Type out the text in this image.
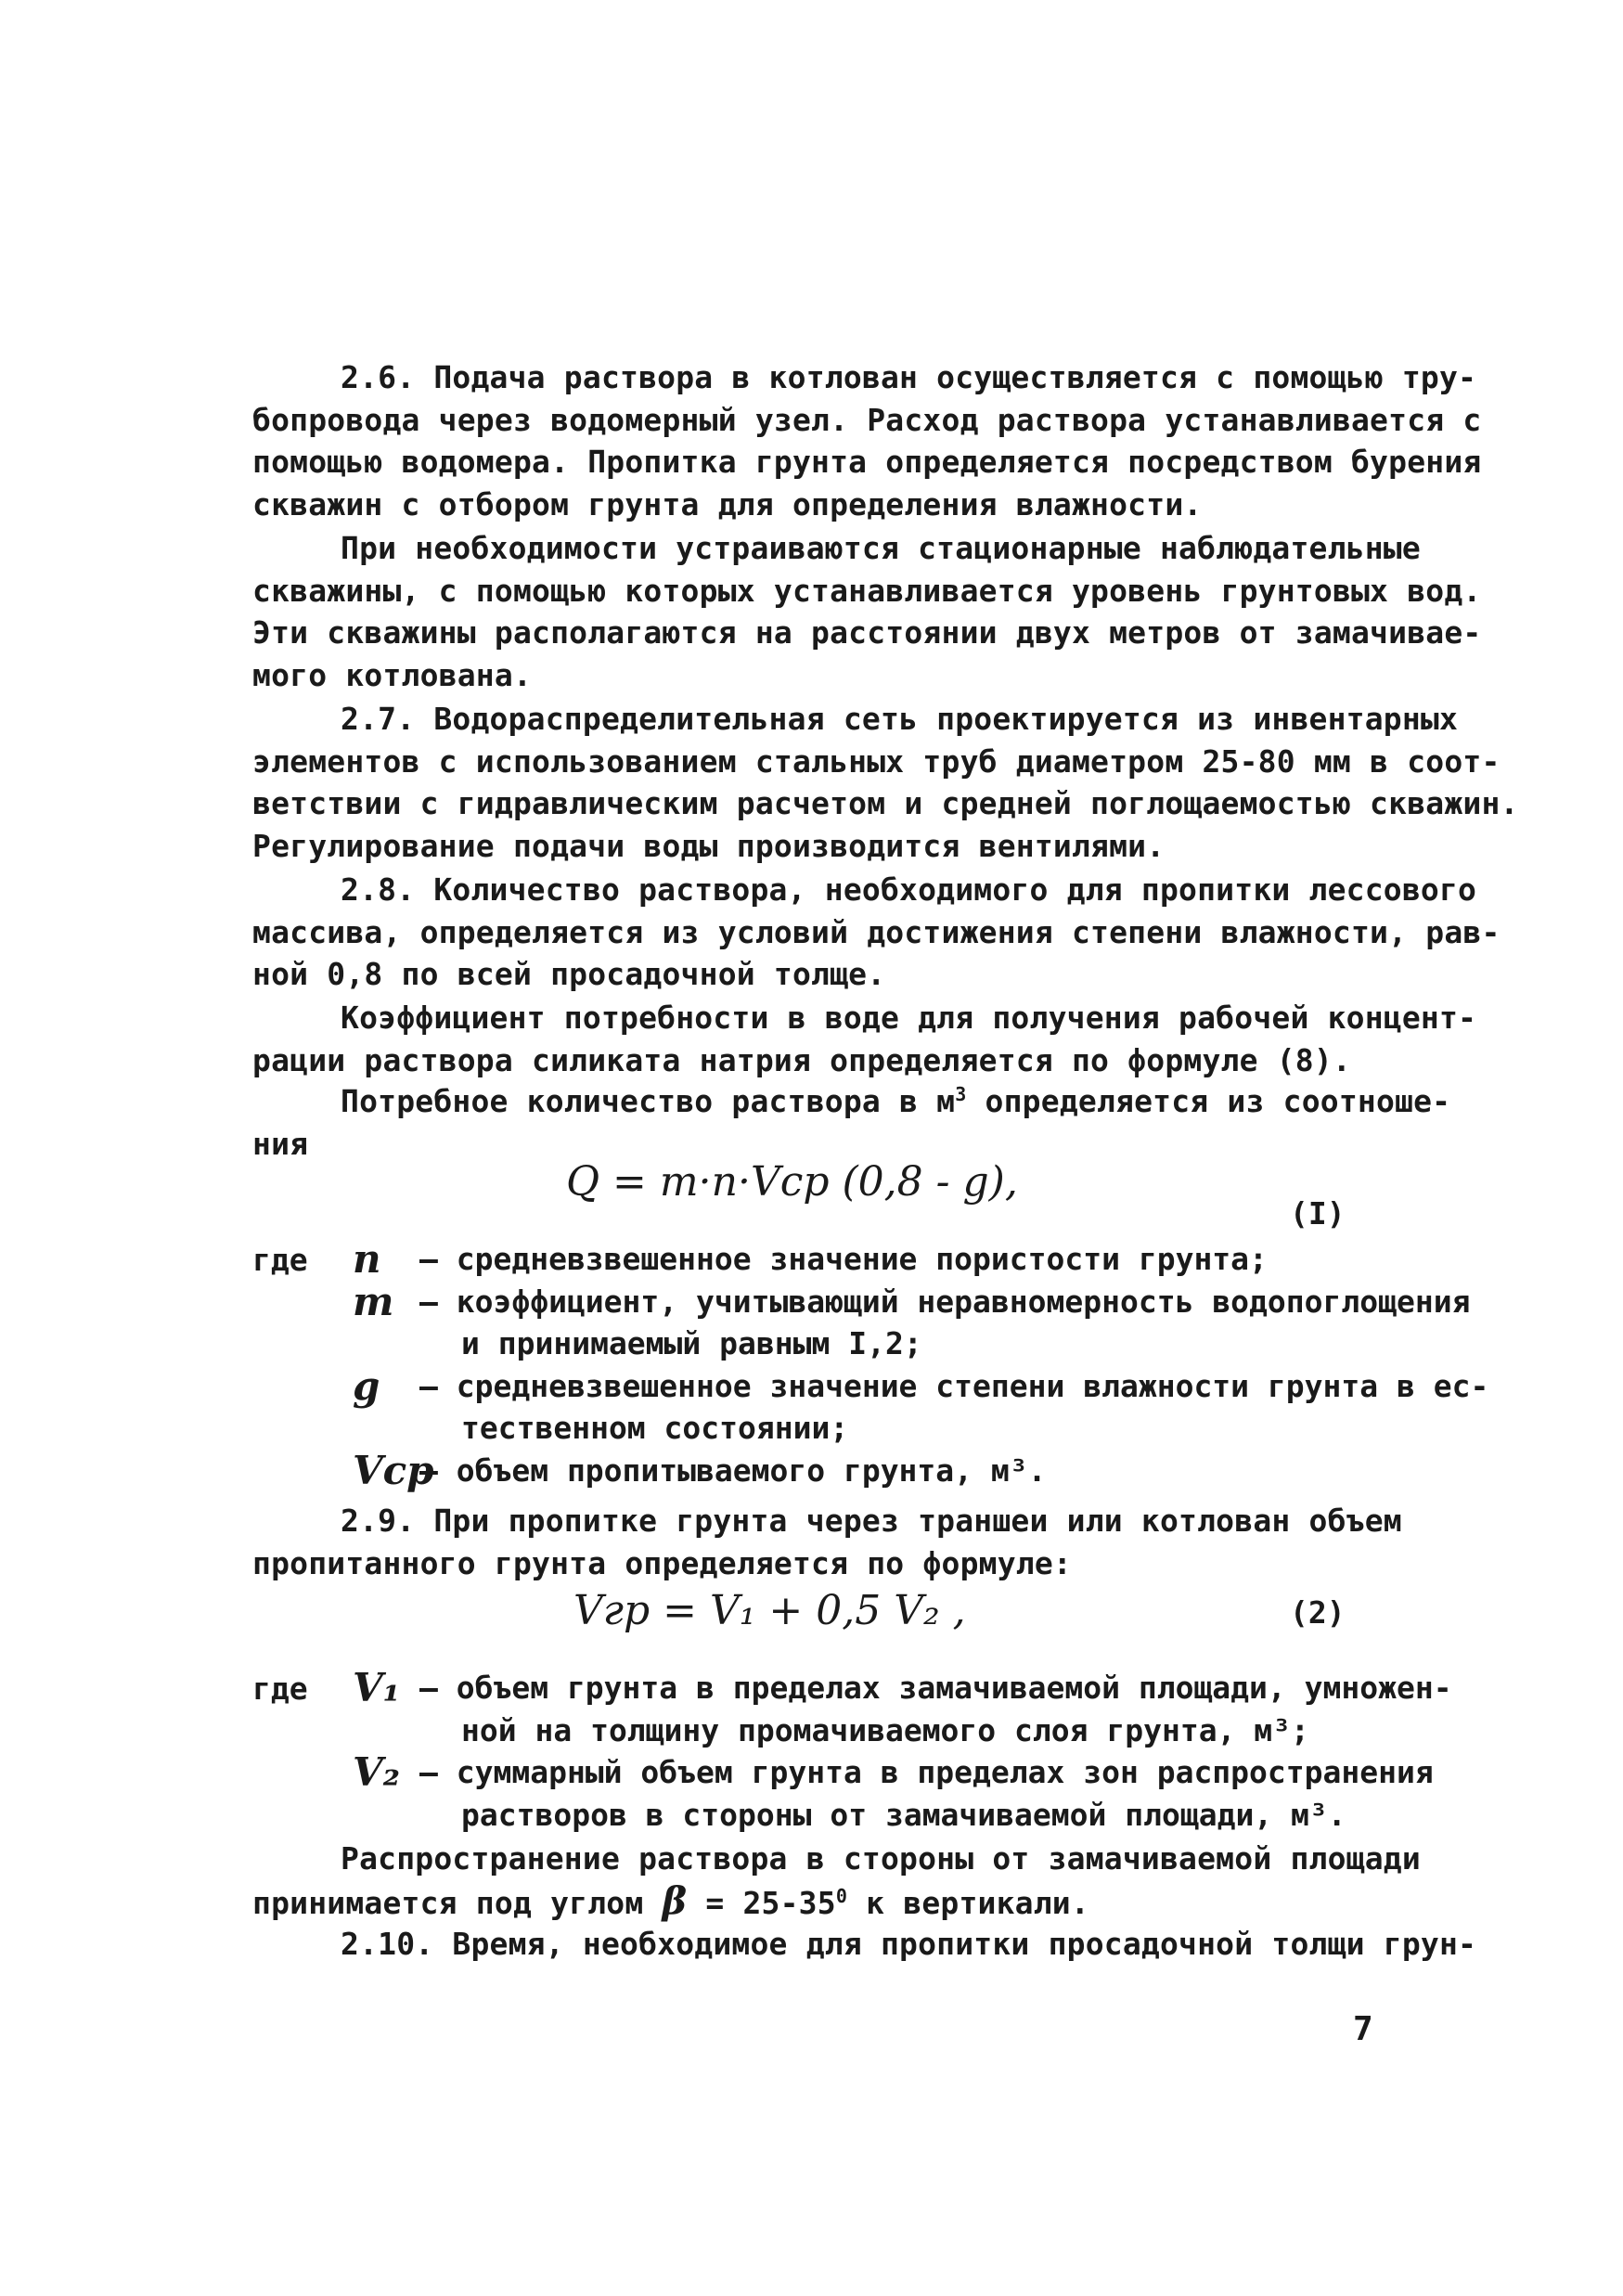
2.6. Подача раствора в котлован осуществляется с помощью тру-
бопровода через водомерный узел. Расход раствора устанавливается с
помощью водомера. Пропитка грунта определяется посредством бурения
скважин с отбором грунта для определения влажности.
При необходимости устраиваются стационарные наблюдательные
скважины, с помощью которых устанавливается уровень грунтовых вод.
Эти скважины располагаются на расстоянии двух метров от замачивае-
мого котлована.
2.7. Водораспределительная сеть проектируется из инвентарных
элементов с использованием стальных труб диаметром 25-80 мм в соот-
ветствии с гидравлическим расчетом и средней поглощаемостью скважин.
Регулирование подачи воды производится вентилями.
2.8. Количество раствора, необходимого для пропитки лессового
массива, определяется из условий достижения степени влажности, рав-
ной 0,8 по всей просадочной толще.
Коэффициент потребности в воде для получения рабочей концент-
рации раствора силиката натрия определяется по формуле (8).
Потребное количество раствора в $м^3$ определяется из соотноше-
ния
Q = m·n·Vср (0,8 - g),
(I)
где n	– средневзвешенное значение пористости грунта;
m – коэффициент, учитывающий неравномерность водопоглощения
и принимаемый равным I,2;
g	– средневзвешенное значение степени влажности грунта в ес-
тественном состоянии;
Vср
– объем пропитываемого грунта, м³.
2.9. При пропитке грунта через траншеи или котлован объем
пропитанного грунта определяется по формуле:
Vгр = V₁ + 0,5 V₂ ,	(2)
где V₁ – объем грунта в пределах замачиваемой площади, умножен-
ной на толщину промачиваемого слоя грунта, м³;
V₂ – суммарный объем грунта в пределах зон распространения
растворов в стороны от замачиваемой площади, м³.
Распространение раствора в стороны от замачиваемой площади
принимается под углом $\beta = 25-35^0$ к вертикали.
2.10. Время, необходимое для пропитки просадочной толщи грун-
7
